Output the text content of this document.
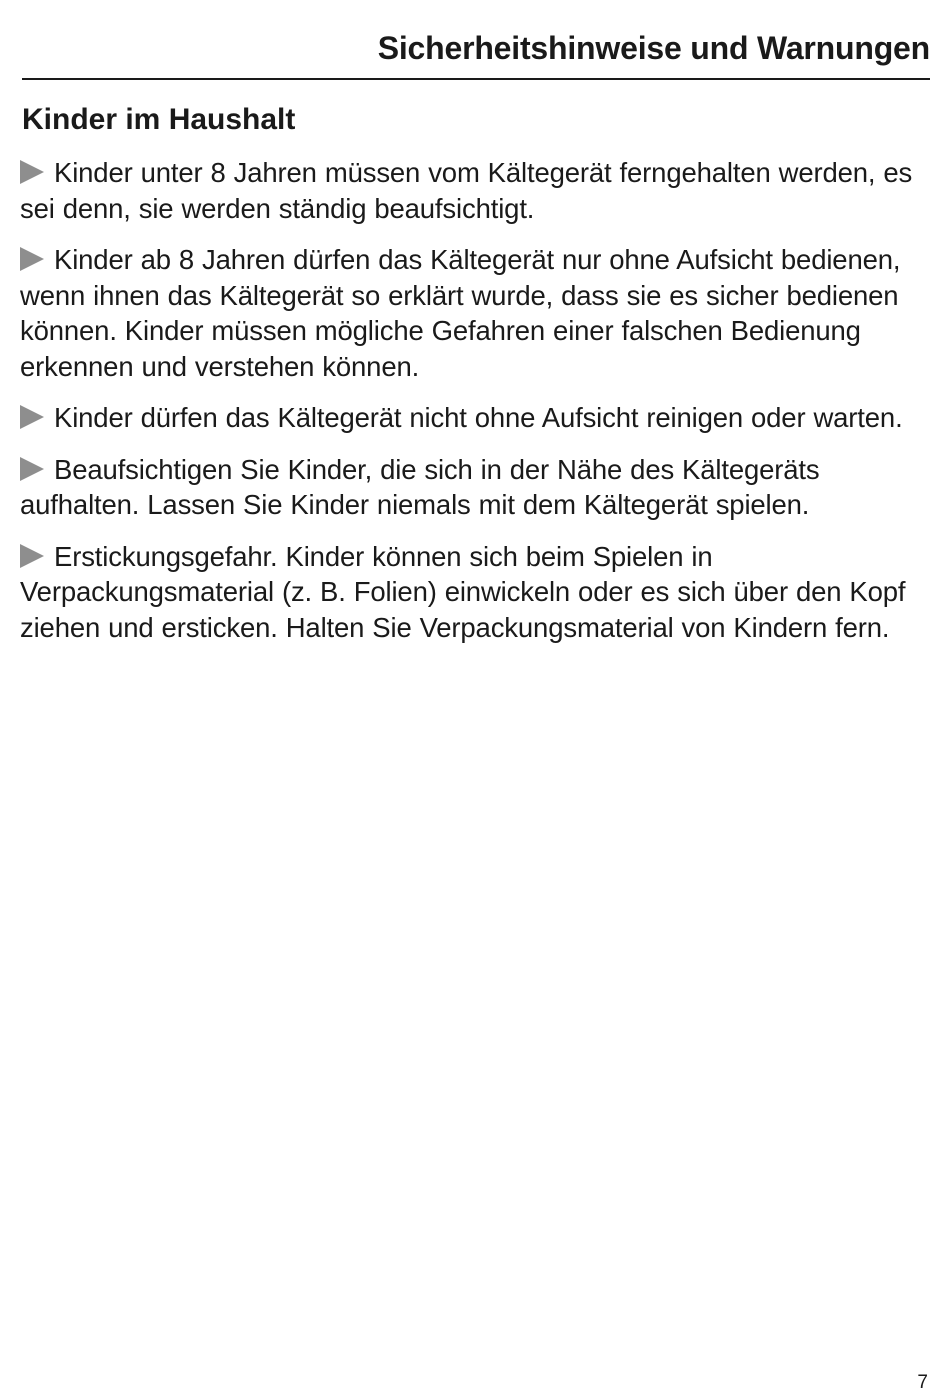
Sicherheitshinweise und Warnungen
Kinder im Haushalt

Kinder unter 8 Jahren müssen vom Kältegerät ferngehalten werden, es sei denn, sie werden ständig beaufsichtigt.

Kinder ab 8 Jahren dürfen das Kältegerät nur ohne Aufsicht bedienen, wenn ihnen das Kältegerät so erklärt wurde, dass sie es sicher bedienen können. Kinder müssen mögliche Gefahren einer falschen Bedienung erkennen und verstehen können.

Kinder dürfen das Kältegerät nicht ohne Aufsicht reinigen oder warten.

Beaufsichtigen Sie Kinder, die sich in der Nähe des Kältegeräts aufhalten. Lassen Sie Kinder niemals mit dem Kältegerät spielen.

Erstickungsgefahr. Kinder können sich beim Spielen in Verpackungsmaterial (z. B. Folien) einwickeln oder es sich über den Kopf ziehen und ersticken. Halten Sie Verpackungsmaterial von Kindern fern.

7
